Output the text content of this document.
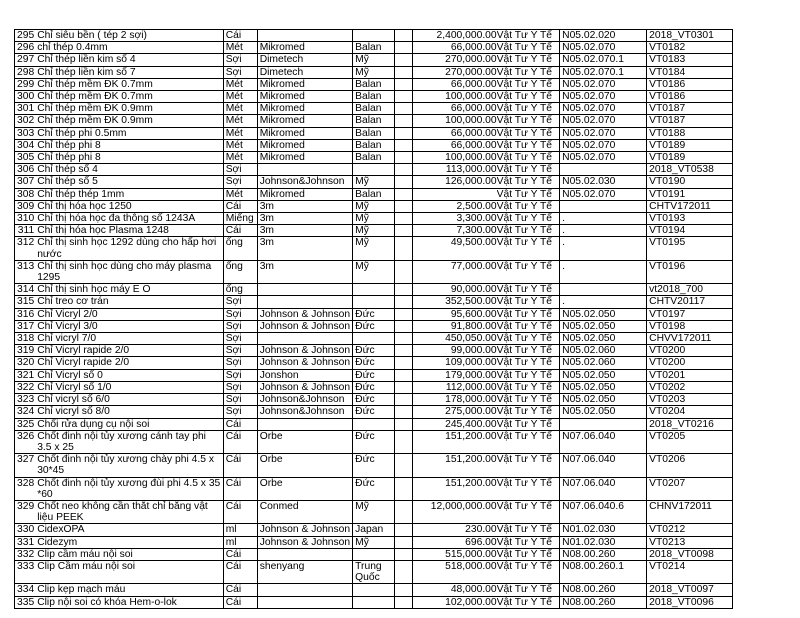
295	Chỉ siêu bền ( tép 2 sợi)	Cái				2,400,000.00	Vật Tư Y Tế	N05.02.020	2018_VT0301
296	chỉ thép 0.4mm	Mét	Mikromed	Balan		66,000.00	Vật Tư Y Tế	N05.02.070	VT0182
297	Chỉ thép liền kim số 4	Sợi	Dimetech	Mỹ		270,000.00	Vật Tư Y Tế	N05.02.070.1	VT0183
298	Chỉ thép liền kim số 7	Sợi	Dimetech	Mỹ		270,000.00	Vật Tư Y Tế	N05.02.070.1	VT0184
299	Chỉ thép mềm ĐK 0.7mm	Mét	Mikromed	Balan		66,000.00	Vật Tư Y Tế	N05.02.070	VT0186
300	Chỉ thép mềm ĐK 0.7mm	Mét	Mikromed	Balan		100,000.00	Vật Tư Y Tế	N05.02.070	VT0186
301	Chỉ thép mềm ĐK 0.9mm	Mét	Mikromed	Balan		66,000.00	Vật Tư Y Tế	N05.02.070	VT0187
302	Chỉ thép mềm ĐK 0.9mm	Mét	Mikromed	Balan		100,000.00	Vật Tư Y Tế	N05.02.070	VT0187
303	Chỉ thép phi 0.5mm	Mét	Mikromed	Balan		66,000.00	Vật Tư Y Tế	N05.02.070	VT0188
304	Chỉ thép phi 8	Mét	Mikromed	Balan		66,000.00	Vật Tư Y Tế	N05.02.070	VT0189
305	Chỉ thép phi 8	Mét	Mikromed	Balan		100,000.00	Vật Tư Y Tế	N05.02.070	VT0189
306	Chỉ thép số 4	Sợi				113,000.00	Vật Tư Y Tế		2018_VT0538
307	Chỉ thép số 5	Sợi	Johnson&Johnson	Mỹ		126,000.00	Vật Tư Y Tế	N05.02.030	VT0190
308	Chỉ thép thép 1mm	Mét	Mikromed	Balan			Vật Tư Y Tế	N05.02.070	VT0191
309	Chỉ thị hóa học 1250	Cái	3m	Mỹ		2,500.00	Vật Tư Y Tế		CHTV172011
310	Chỉ thị hóa học đa thông số 1243A	Miếng	3m	Mỹ		3,300.00	Vật Tư Y Tế	.	VT0193
311	Chỉ thị hóa học Plasma 1248	Cái	3m	Mỹ		7,300.00	Vật Tư Y Tế	.	VT0194
312	Chỉ thị sinh học 1292 dùng cho hấp hơi nước	ống	3m	Mỹ		49,500.00	Vật Tư Y Tế	.	VT0195
313	Chỉ thị sinh học dùng cho máy plasma 1295	ống	3m	Mỹ		77,000.00	Vật Tư Y Tế	.	VT0196
314	Chỉ thị sinh học máy E O	ống				90,000.00	Vật Tư Y Tế		vt2018_700
315	Chỉ treo cơ trán	Sợi				352,500.00	Vật Tư Y Tế	.	CHTV20117
316	Chỉ Vicryl 2/0	Sợi	Johnson & Johnson	Đức		95,600.00	Vật Tư Y Tế	N05.02.050	VT0197
317	Chỉ Vicryl 3/0	Sợi	Johnson & Johnson	Đức		91,800.00	Vật Tư Y Tế	N05.02.050	VT0198
318	Chỉ vicryl 7/0	Sợi				450,050.00	Vật Tư Y Tế	N05.02.050	CHVV172011
319	Chỉ Vicryl rapide 2/0	Sợi	Johnson & Johnson	Đức		99,000.00	Vật Tư Y Tế	N05.02.060	VT0200
320	Chỉ Vicryl rapide 2/0	Sợi	Johnson & Johnson	Đức		109,000.00	Vật Tư Y Tế	N05.02.060	VT0200
321	Chỉ Vicryl số 0	Sợi	Jonshon	Đức		179,000.00	Vật Tư Y Tế	N05.02.050	VT0201
322	Chỉ Vicryl số 1/0	Sợi	Johnson & Johnson	Đức		112,000.00	Vật Tư Y Tế	N05.02.050	VT0202
323	Chỉ vicryl số 6/0	Sợi	Johnson&Johnson	Đức		178,000.00	Vật Tư Y Tế	N05.02.050	VT0203
324	Chỉ vicryl số 8/0	Sợi	Johnson&Johnson	Đức		275,000.00	Vật Tư Y Tế	N05.02.050	VT0204
325	Chổi rửa dụng cụ nội soi	Cái				245,400.00	Vật Tư Y Tế		2018_VT0216
326	Chốt đinh nội tủy xương cánh tay phi 3.5 x 25	Cái	Orbe	Đức		151,200.00	Vật Tư Y Tế	N07.06.040	VT0205
327	Chốt đinh nội tủy xương chày phi 4.5 x 30*45	Cái	Orbe	Đức		151,200.00	Vật Tư Y Tế	N07.06.040	VT0206
328	Chốt đinh nội tủy xương đùi phi 4.5 x 35 *60	Cái	Orbe	Đức		151,200.00	Vật Tư Y Tế	N07.06.040	VT0207
329	Chốt neo không cần thắt chỉ bằng vật liệu PEEK	Cái	Conmed	Mỹ		12,000,000.00	Vật Tư Y Tế	N07.06.040.6	CHNV172011
330	CidexOPA	ml	Johnson & Johnson	Japan		230.00	Vật Tư Y Tế	N01.02.030	VT0212
331	Cidezym	ml	Johnson & Johnson	Mỹ		696.00	Vật Tư Y Tế	N01.02.030	VT0213
332	Clip cầm máu nội soi	Cái				515,000.00	Vật Tư Y Tế	N08.00.260	2018_VT0098
333	Clip Cầm máu nội soi	Cái	shenyang	Trung Quốc		518,000.00	Vật Tư Y Tế	N08.00.260.1	VT0214
334	Clip kẹp mạch máu	Cái				48,000.00	Vật Tư Y Tế	N08.00.260	2018_VT0097
335	Clip nội soi có khóa Hem-o-lok	Cái				102,000.00	Vật Tư Y Tế	N08.00.260	2018_VT0096
